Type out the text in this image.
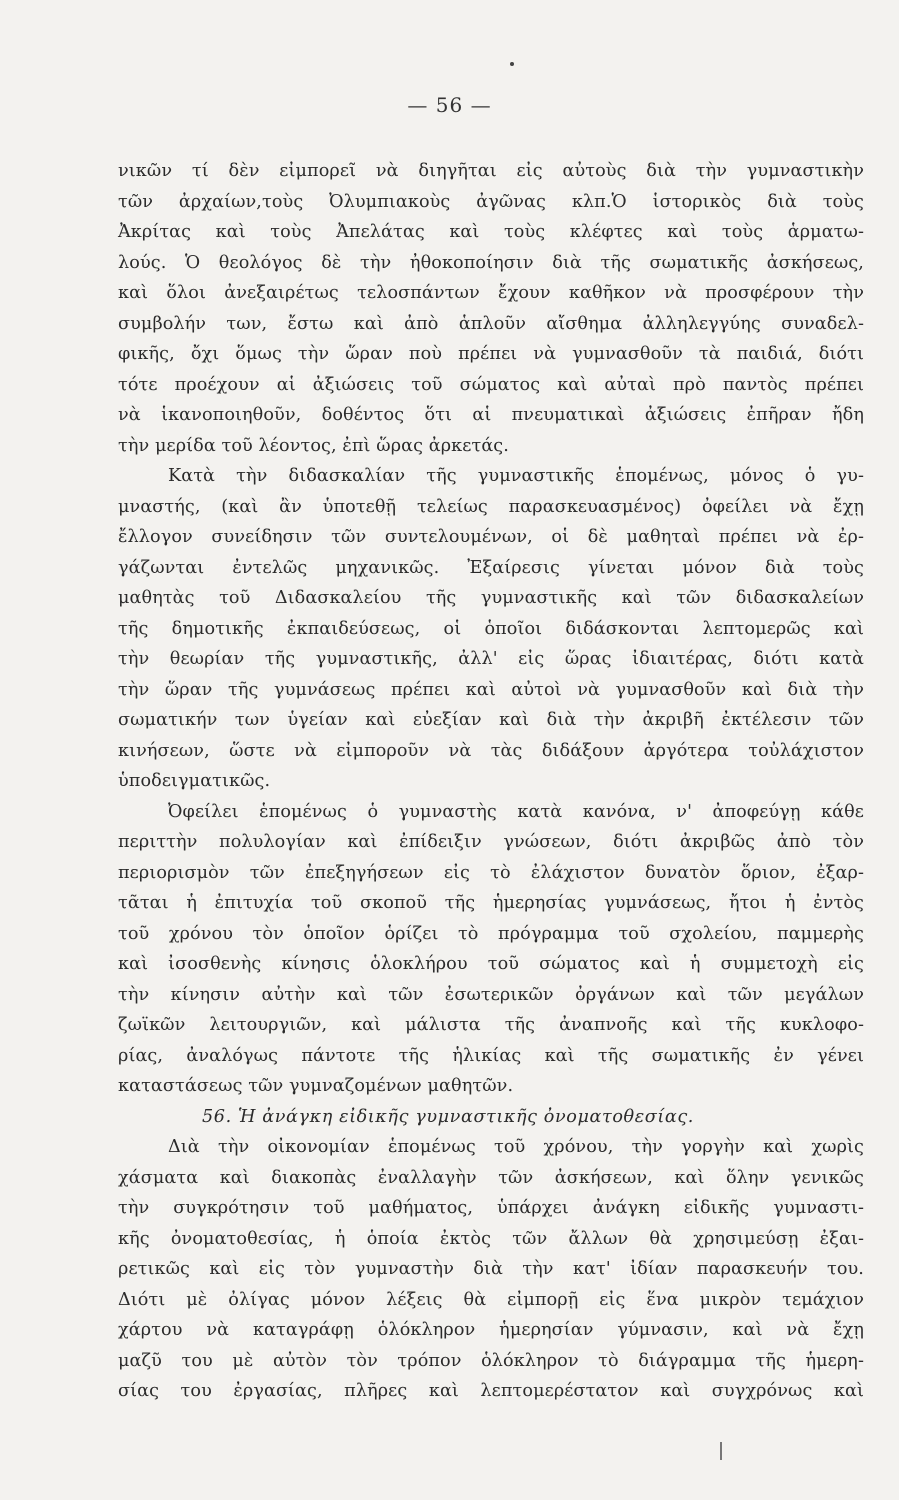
— 56 —
νικῶν τί δὲν εἰμπορεῖ νὰ διηγῆται εἰς αὐτοὺς διὰ τὴν γυμναστικὴν
τῶν ἀρχαίων,τοὺς Ὀλυμπιακοὺς ἀγῶνας κλπ.Ὁ ἱστορικὸς διὰ τοὺς
Ἀκρίτας καὶ τοὺς Ἀπελάτας καὶ τοὺς κλέφτες καὶ τοὺς ἁρματω-
λούς. Ὁ θεολόγος δὲ τὴν ἠθοκοποίησιν διὰ τῆς σωματικῆς ἀσκήσεως,
καὶ ὅλοι ἀνεξαιρέτως τελοσπάντων ἔχουν καθῆκον νὰ προσφέρουν τὴν
συμβολήν των, ἔστω καὶ ἀπὸ ἁπλοῦν αἴσθημα ἀλληλεγγύης συναδελ-
φικῆς, ὄχι ὅμως τὴν ὥραν ποὺ πρέπει νὰ γυμνασθοῦν τὰ παιδιά, διότι
τότε προέχουν αἱ ἀξιώσεις τοῦ σώματος καὶ αὐταὶ πρὸ παντὸς πρέπει
νὰ ἱκανοποιηθοῦν, δοθέντος ὅτι αἱ πνευματικαὶ ἀξιώσεις ἐπῆραν ἤδη
τὴν μερίδα τοῦ λέοντος, ἐπὶ ὥρας ἀρκετάς.
Κατὰ τὴν διδασκαλίαν τῆς γυμναστικῆς ἑπομένως, μόνος ὁ γυ-
μναστής, (καὶ ἂν ὑποτεθῇ τελείως παρασκευασμένος) ὀφείλει νὰ ἔχῃ
ἔλλογον συνείδησιν τῶν συντελουμένων, οἱ δὲ μαθηταὶ πρέπει νὰ ἐρ-
γάζωνται ἐντελῶς μηχανικῶς. Ἐξαίρεσις γίνεται μόνον διὰ τοὺς
μαθητὰς τοῦ Διδασκαλείου τῆς γυμναστικῆς καὶ τῶν διδασκαλείων
τῆς δημοτικῆς ἐκπαιδεύσεως, οἱ ὁποῖοι διδάσκονται λεπτομερῶς καὶ
τὴν θεωρίαν τῆς γυμναστικῆς, ἀλλ' εἰς ὥρας ἰδιαιτέρας, διότι κατὰ
τὴν ὥραν τῆς γυμνάσεως πρέπει καὶ αὐτοὶ νὰ γυμνασθοῦν καὶ διὰ τὴν
σωματικήν των ὑγείαν καὶ εὐεξίαν καὶ διὰ τὴν ἀκριβῆ ἐκτέλεσιν τῶν
κινήσεων, ὥστε νὰ εἰμποροῦν νὰ τὰς διδάξουν ἀργότερα τοὐλάχιστον
ὑποδειγματικῶς.
Ὀφείλει ἑπομένως ὁ γυμναστὴς κατὰ κανόνα, ν' ἀποφεύγῃ κάθε
περιττὴν πολυλογίαν καὶ ἐπίδειξιν γνώσεων, διότι ἀκριβῶς ἀπὸ τὸν
περιορισμὸν τῶν ἐπεξηγήσεων εἰς τὸ ἐλάχιστον δυνατὸν ὅριον, ἐξαρ-
τᾶται ἡ ἐπιτυχία τοῦ σκοποῦ τῆς ἡμερησίας γυμνάσεως, ἤτοι ἡ ἐντὸς
τοῦ χρόνου τὸν ὁποῖον ὁρίζει τὸ πρόγραμμα τοῦ σχολείου, παμμερὴς
καὶ ἰσοσθενὴς κίνησις ὁλοκλήρου τοῦ σώματος καὶ ἡ συμμετοχὴ εἰς
τὴν κίνησιν αὐτὴν καὶ τῶν ἐσωτερικῶν ὀργάνων καὶ τῶν μεγάλων
ζωϊκῶν λειτουργιῶν, καὶ μάλιστα τῆς ἀναπνοῆς καὶ τῆς κυκλοφο-
ρίας, ἀναλόγως πάντοτε τῆς ἡλικίας καὶ τῆς σωματικῆς ἐν γένει
καταστάσεως τῶν γυμναζομένων μαθητῶν.
56. Ἡ ἀνάγκη εἰδικῆς γυμναστικῆς ὀνοματοθεσίας.
Διὰ τὴν οἰκονομίαν ἑπομένως τοῦ χρόνου, τὴν γοργὴν καὶ χωρὶς
χάσματα καὶ διακοπὰς ἐναλλαγὴν τῶν ἀσκήσεων, καὶ ὅλην γενικῶς
τὴν συγκρότησιν τοῦ μαθήματος, ὑπάρχει ἀνάγκη εἰδικῆς γυμναστι-
κῆς ὀνοματοθεσίας, ἡ ὁποία ἐκτὸς τῶν ἄλλων θὰ χρησιμεύσῃ ἐξαι-
ρετικῶς καὶ εἰς τὸν γυμναστὴν διὰ τὴν κατ' ἰδίαν παρασκευήν του.
Διότι μὲ ὀλίγας μόνον λέξεις θὰ εἰμπορῇ εἰς ἕνα μικρὸν τεμάχιον
χάρτου νὰ καταγράφῃ ὁλόκληρον ἡμερησίαν γύμνασιν, καὶ νὰ ἔχῃ
μαζῦ του μὲ αὐτὸν τὸν τρόπον ὁλόκληρον τὸ διάγραμμα τῆς ἡμερη-
σίας του ἐργασίας, πλῆρες καὶ λεπτομερέστατον καὶ συγχρόνως καὶ
